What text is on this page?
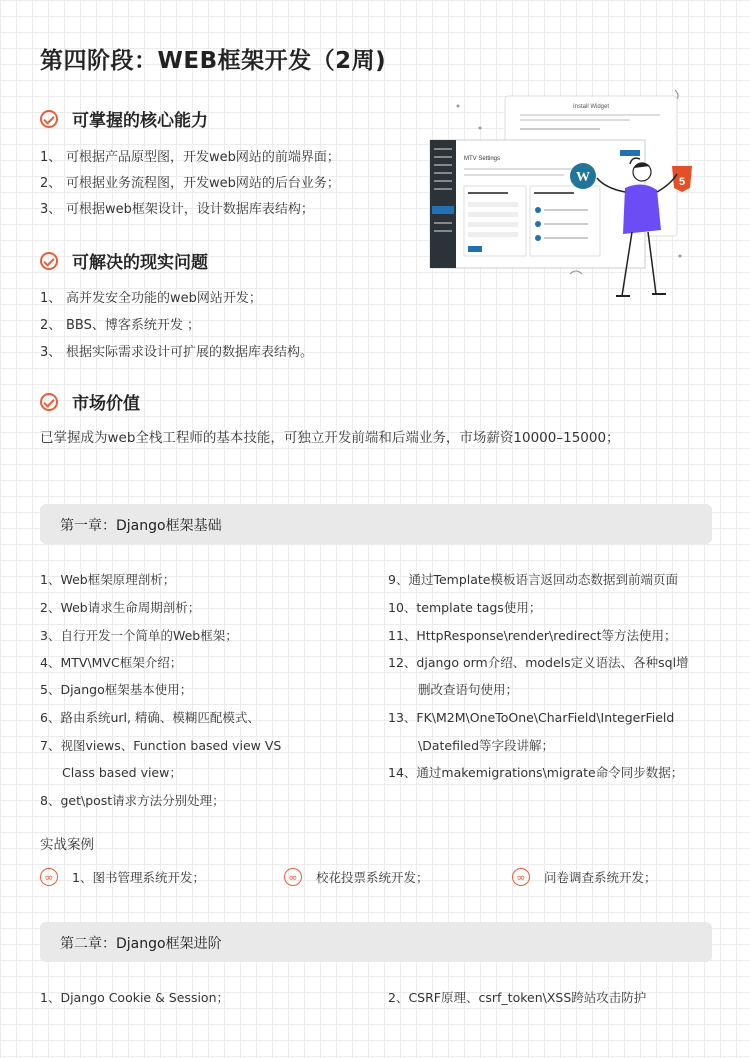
第四阶段：WEB框架开发（2周)
可掌握的核心能力
1、 可根据产品原型图，开发web网站的前端界面；
2、 可根据业务流程图，开发web网站的后台业务；
3、 可根据web框架设计，设计数据库表结构；
可解决的现实问题
1、 高并发安全功能的web网站开发；
2、 BBS、博客系统开发 ；
3、 根据实际需求设计可扩展的数据库表结构。
市场价值
已掌握成为web全栈工程师的基本技能，可独立开发前端和后端业务，市场薪资10000–15000；
Install Widget
MTV Settings
W	5
第一章：Django框架基础
1、Web框架原理剖析；
2、Web请求生命周期剖析；
3、自行开发一个简单的Web框架；
4、MTV\MVC框架介绍；
5、Django框架基本使用；
6、路由系统url, 精确、模糊匹配模式、
7、视图views、Function based view VS
Class based view；
8、get\post请求方法分别处理；
9、通过Template模板语言返回动态数据到前端页面
10、template tags使用；
11、HttpResponse\render\redirect等方法使用；
12、django orm介绍、models定义语法、各种sql增
删改查语句使用；
13、FK\M2M\OneToOne\CharField\IntegerField
\Datefiled等字段讲解；
14、通过makemigrations\migrate命令同步数据；
实战案例
∞	1、图书管理系统开发；	∞	校花投票系统开发；	∞	问卷调查系统开发；
第二章：Django框架进阶
1、Django Cookie & Session；	2、CSRF原理、csrf_token\XSS跨站攻击防护
